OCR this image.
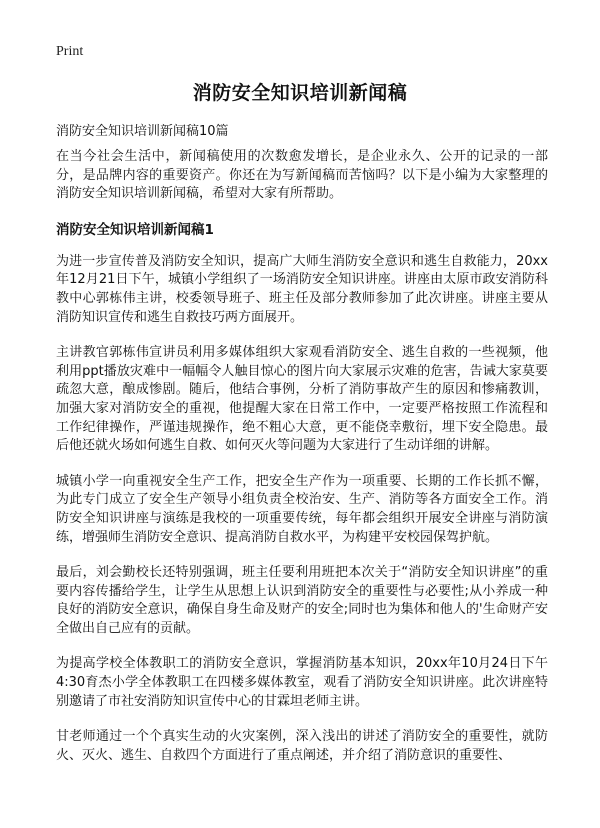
Print
消防安全知识培训新闻稿

消防安全知识培训新闻稿10篇

在当今社会生活中，新闻稿使用的次数愈发增长，是企业永久、公开的记录的一部分，是品牌内容的重要资产。你还在为写新闻稿而苦恼吗？以下是小编为大家整理的消防安全知识培训新闻稿，希望对大家有所帮助。

消防安全知识培训新闻稿1

为进一步宣传普及消防安全知识，提高广大师生消防安全意识和逃生自救能力，20xx年12月21日下午，城镇小学组织了一场消防安全知识讲座。讲座由太原市政安消防科教中心郭栋伟主讲，校委领导班子、班主任及部分教师参加了此次讲座。讲座主要从消防知识宣传和逃生自救技巧两方面展开。

主讲教官郭栋伟宣讲员利用多媒体组织大家观看消防安全、逃生自救的一些视频，他利用ppt播放灾难中一幅幅令人触目惊心的图片向大家展示灾难的危害，告诫大家莫要疏忽大意，酿成惨剧。随后，他结合事例，分析了消防事故产生的原因和惨痛教训，加强大家对消防安全的重视，他提醒大家在日常工作中，一定要严格按照工作流程和工作纪律操作，严谨违规操作，绝不粗心大意，更不能侥幸敷衍，埋下安全隐患。最后他还就火场如何逃生自救、如何灭火等问题为大家进行了生动详细的讲解。

城镇小学一向重视安全生产工作，把安全生产作为一项重要、长期的工作长抓不懈，为此专门成立了安全生产领导小组负责全校治安、生产、消防等各方面安全工作。消防安全知识讲座与演练是我校的一项重要传统，每年都会组织开展安全讲座与消防演练，增强师生消防安全意识、提高消防自救水平，为构建平安校园保驾护航。

最后，刘会勤校长还特别强调，班主任要利用班把本次关于“消防安全知识讲座”的重要内容传播给学生，让学生从思想上认识到消防安全的重要性与必要性;从小养成一种良好的消防安全意识，确保自身生命及财产的安全;同时也为集体和他人的'生命财产安全做出自己应有的贡献。

为提高学校全体教职工的消防安全意识，掌握消防基本知识，20xx年10月24日下午4:30育杰小学全体教职工在四楼多媒体教室，观看了消防安全知识讲座。此次讲座特别邀请了市社安消防知识宣传中心的甘霖坦老师主讲。

甘老师通过一个个真实生动的火灾案例，深入浅出的讲述了消防安全的重要性，就防火、灭火、逃生、自救四个方面进行了重点阐述，并介绍了消防意识的重要性、
